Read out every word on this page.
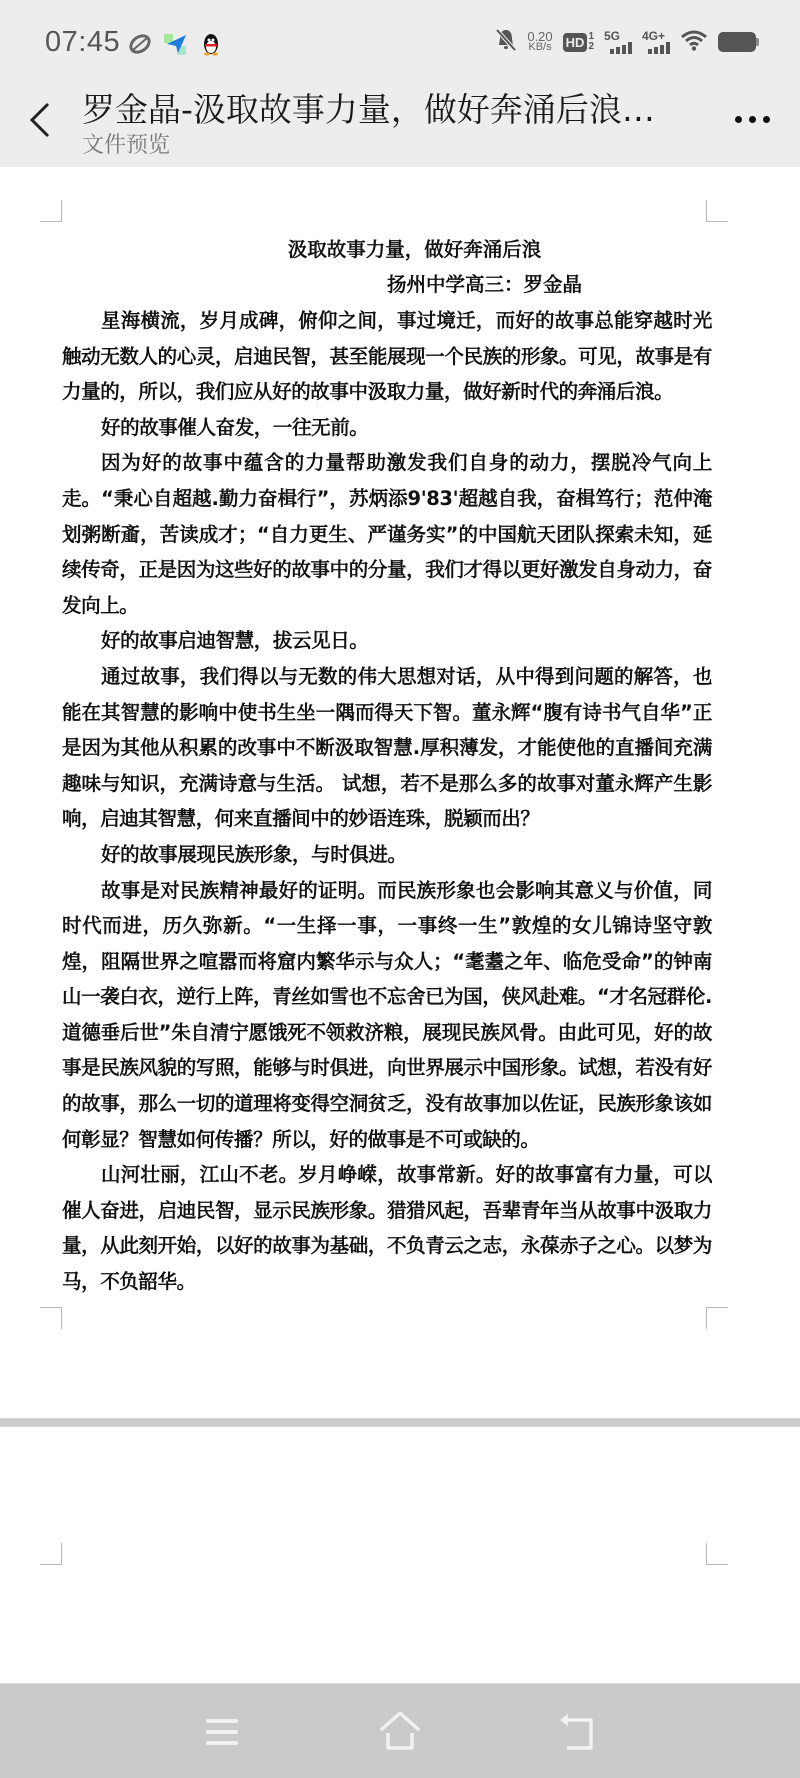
07:45	0.20
KB/s HD 1
2
5G 4G+
罗金晶-汲取故事力量，做好奔涌后浪…
文件预览
汲取故事力量，做好奔涌后浪
扬州中学高三：罗金晶

星海横流，岁月成碑，俯仰之间，事过境迁，而好的故事总能穿越时光触动无数人的心灵，启迪民智，甚至能展现一个民族的形象。可见，故事是有力量的，所以，我们应从好的故事中汲取力量，做好新时代的奔涌后浪。

好的故事催人奋发，一往无前。

因为好的故事中蕴含的力量帮助激发我们自身的动力，摆脱冷气向上走。“秉心自超越.勤力奋楫行”，苏炳添9'83'超越自我，奋楫笃行；范仲淹划粥断齑，苦读成才；“自力更生、严谨务实”的中国航天团队探索未知，延续传奇，正是因为这些好的故事中的分量，我们才得以更好激发自身动力，奋发向上。

好的故事启迪智慧，拔云见日。

通过故事，我们得以与无数的伟大思想对话，从中得到问题的解答，也能在其智慧的影响中使书生坐一隅而得天下智。董永辉“腹有诗书气自华”正是因为其他从积累的改事中不断汲取智慧.厚积薄发，才能使他的直播间充满趣味与知识，充满诗意与生活。 试想，若不是那么多的故事对董永辉产生影响，启迪其智慧，何来直播间中的妙语连珠，脱颖而出？

好的故事展现民族形象，与时俱进。

故事是对民族精神最好的证明。而民族形象也会影响其意义与价值，同时代而进，历久弥新。“一生择一事，一事终一生”敦煌的女儿锦诗坚守敦煌，阻隔世界之喧嚣而将窟内繁华示与众人；“耄耋之年、临危受命”的钟南山一袭白衣，逆行上阵，青丝如雪也不忘舍已为国，侠风赴难。“才名冠群伦.道德垂后世”朱自清宁愿饿死不领救济粮，展现民族风骨。由此可见，好的故事是民族风貌的写照，能够与时俱进，向世界展示中国形象。试想，若没有好的故事，那么一切的道理将变得空洞贫乏，没有故事加以佐证，民族形象该如何彰显？智慧如何传播？所以，好的做事是不可或缺的。

山河壮丽，江山不老。岁月峥嵘，故事常新。好的故事富有力量，可以催人奋进，启迪民智，显示民族形象。猎猎风起，吾辈青年当从故事中汲取力量，从此刻开始，以好的故事为基础，不负青云之志，永葆赤子之心。以梦为马，不负韶华。
